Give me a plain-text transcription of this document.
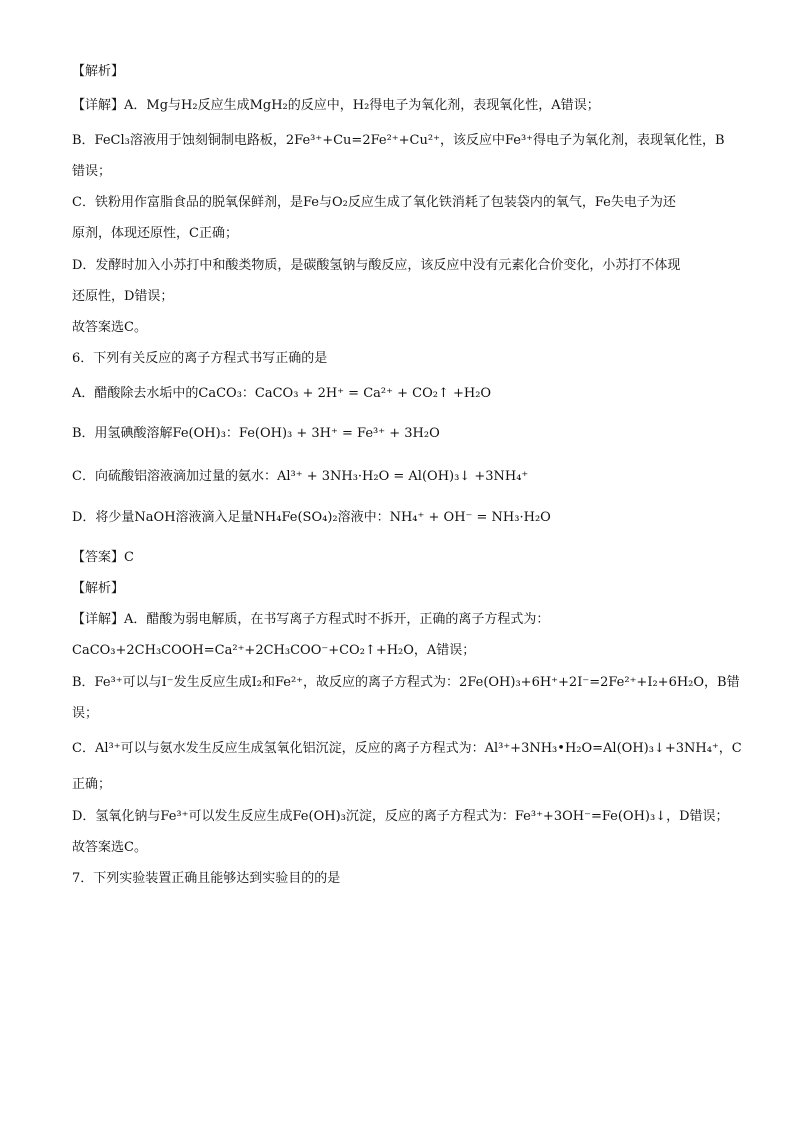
【解析】
【详解】A．Mg与H₂反应生成MgH₂的反应中，H₂得电子为氧化剂，表现氧化性，A错误；
B．FeCl₃溶液用于蚀刻铜制电路板，2Fe³⁺+Cu=2Fe²⁺+Cu²⁺，该反应中Fe³⁺得电子为氧化剂，表现氧化性，B
错误；
C．铁粉用作富脂食品的脱氧保鲜剂，是Fe与O₂反应生成了氧化铁消耗了包装袋内的氧气，Fe失电子为还
原剂，体现还原性，C正确；
D．发酵时加入小苏打中和酸类物质，是碳酸氢钠与酸反应，该反应中没有元素化合价变化，小苏打不体现
还原性，D错误；
故答案选C。
6．下列有关反应的离子方程式书写正确的是
A．醋酸除去水垢中的CaCO₃：CaCO₃ + 2H⁺ = Ca²⁺ + CO₂↑ +H₂O
B．用氢碘酸溶解Fe(OH)₃：Fe(OH)₃ + 3H⁺ = Fe³⁺ + 3H₂O
C．向硫酸铝溶液滴加过量的氨水：Al³⁺ + 3NH₃·H₂O = Al(OH)₃↓ +3NH₄⁺
D．将少量NaOH溶液滴入足量NH₄Fe(SO₄)₂溶液中：NH₄⁺ + OH⁻ = NH₃·H₂O
【答案】C
【解析】
【详解】A．醋酸为弱电解质，在书写离子方程式时不拆开，正确的离子方程式为：
CaCO₃+2CH₃COOH=Ca²⁺+2CH₃COO⁻+CO₂↑+H₂O，A错误；
B．Fe³⁺可以与I⁻发生反应生成I₂和Fe²⁺，故反应的离子方程式为：2Fe(OH)₃+6H⁺+2I⁻=2Fe²⁺+I₂+6H₂O，B错
误；
C．Al³⁺可以与氨水发生反应生成氢氧化铝沉淀，反应的离子方程式为：Al³⁺+3NH₃•H₂O=Al(OH)₃↓+3NH₄⁺，C
正确；
D．氢氧化钠与Fe³⁺可以发生反应生成Fe(OH)₃沉淀，反应的离子方程式为：Fe³⁺+3OH⁻=Fe(OH)₃↓，D错误；
故答案选C。
7．下列实验装置正确且能够达到实验目的的是
